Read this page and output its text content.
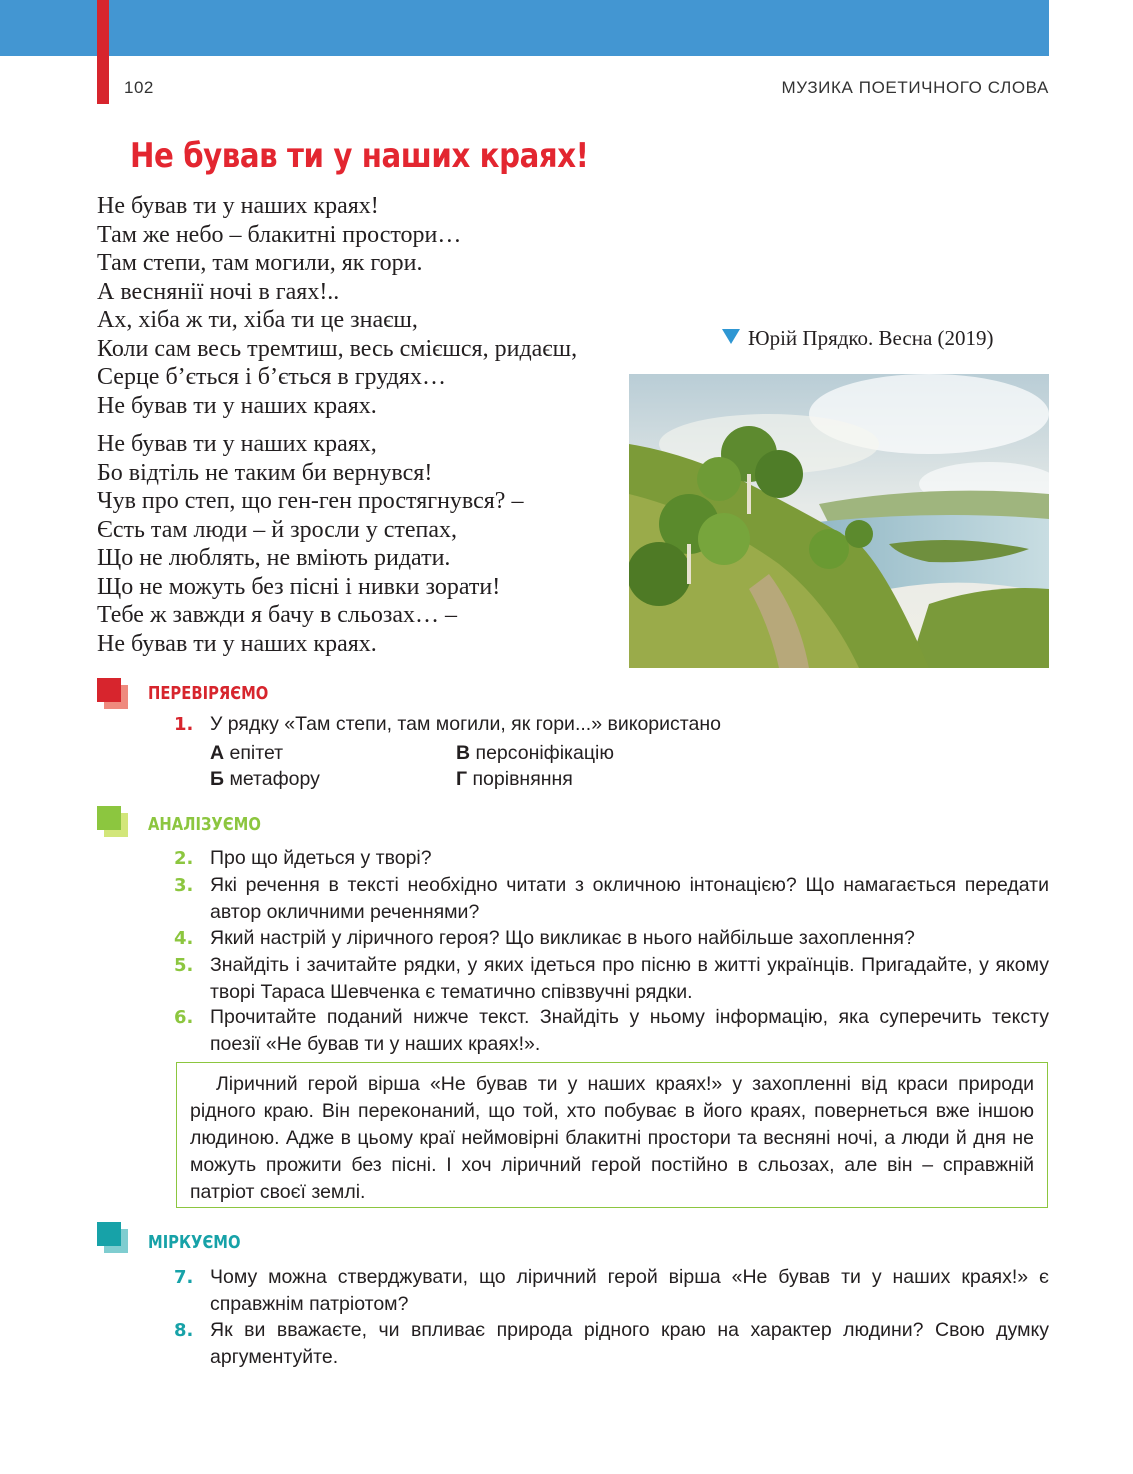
102	МУЗИКА ПОЕТИЧНОГО СЛОВА
Не бував ти у наших краях!
Не бував ти у наших краях!
Там же небо – блакитні простори…
Там степи, там могили, як гори.
А веснянії ночі в гаях!..
Ах, хіба ж ти, хіба ти це знаєш,
Коли сам весь тремтиш, весь смієшся, ридаєш,
Серце б’ється і б’ється в грудях…
Не бував ти у наших краях.
Не бував ти у наших краях,
Бо відтіль не таким би вернувся!
Чув про степ, що ген-ген простягнувся? –
Єсть там люди – й зросли у степах,
Що не люблять, не вміють ридати.
Що не можуть без пісні і нивки зорати!
Тебе ж завжди я бачу в сльозах… –
Не бував ти у наших краях.
Юрій Прядко. Весна (2019)
ПЕРЕВІРЯЄМО
1. У рядку «Там степи, там могили, як гори...» використано
А епітет
Б метафору
В персоніфікацію
Г порівняння
АНАЛІЗУЄМО
2. Про що йдеться у творі?
3. Які речення в тексті необхідно читати з окличною інтонацією? Що намагається передати автор окличними реченнями?
4. Який настрій у ліричного героя? Що викликає в нього найбільше захоплення?
5. Знайдіть і зачитайте рядки, у яких ідеться про пісню в житті українців. Пригадайте, у якому творі Тараса Шевченка є тематично співзвучні рядки.
6. Прочитайте поданий нижче текст. Знайдіть у ньому інформацію, яка суперечить тексту поезії «Не бував ти у наших краях!».
Ліричний герой вірша «Не бував ти у наших краях!» у захопленні від краси природи рідного краю. Він переконаний, що той, хто побуває в його краях, повернеться вже іншою людиною. Адже в цьому краї неймовірні блакитні простори та весняні ночі, а люди й дня не можуть прожити без пісні. І хоч ліричний герой постійно в сльозах, але він – справжній патріот своєї землі.
МІРКУЄМО
7. Чому можна стверджувати, що ліричний герой вірша «Не бував ти у наших краях!» є справжнім патріотом?
8. Як ви вважаєте, чи впливає природа рідного краю на характер людини? Свою думку аргументуйте.
